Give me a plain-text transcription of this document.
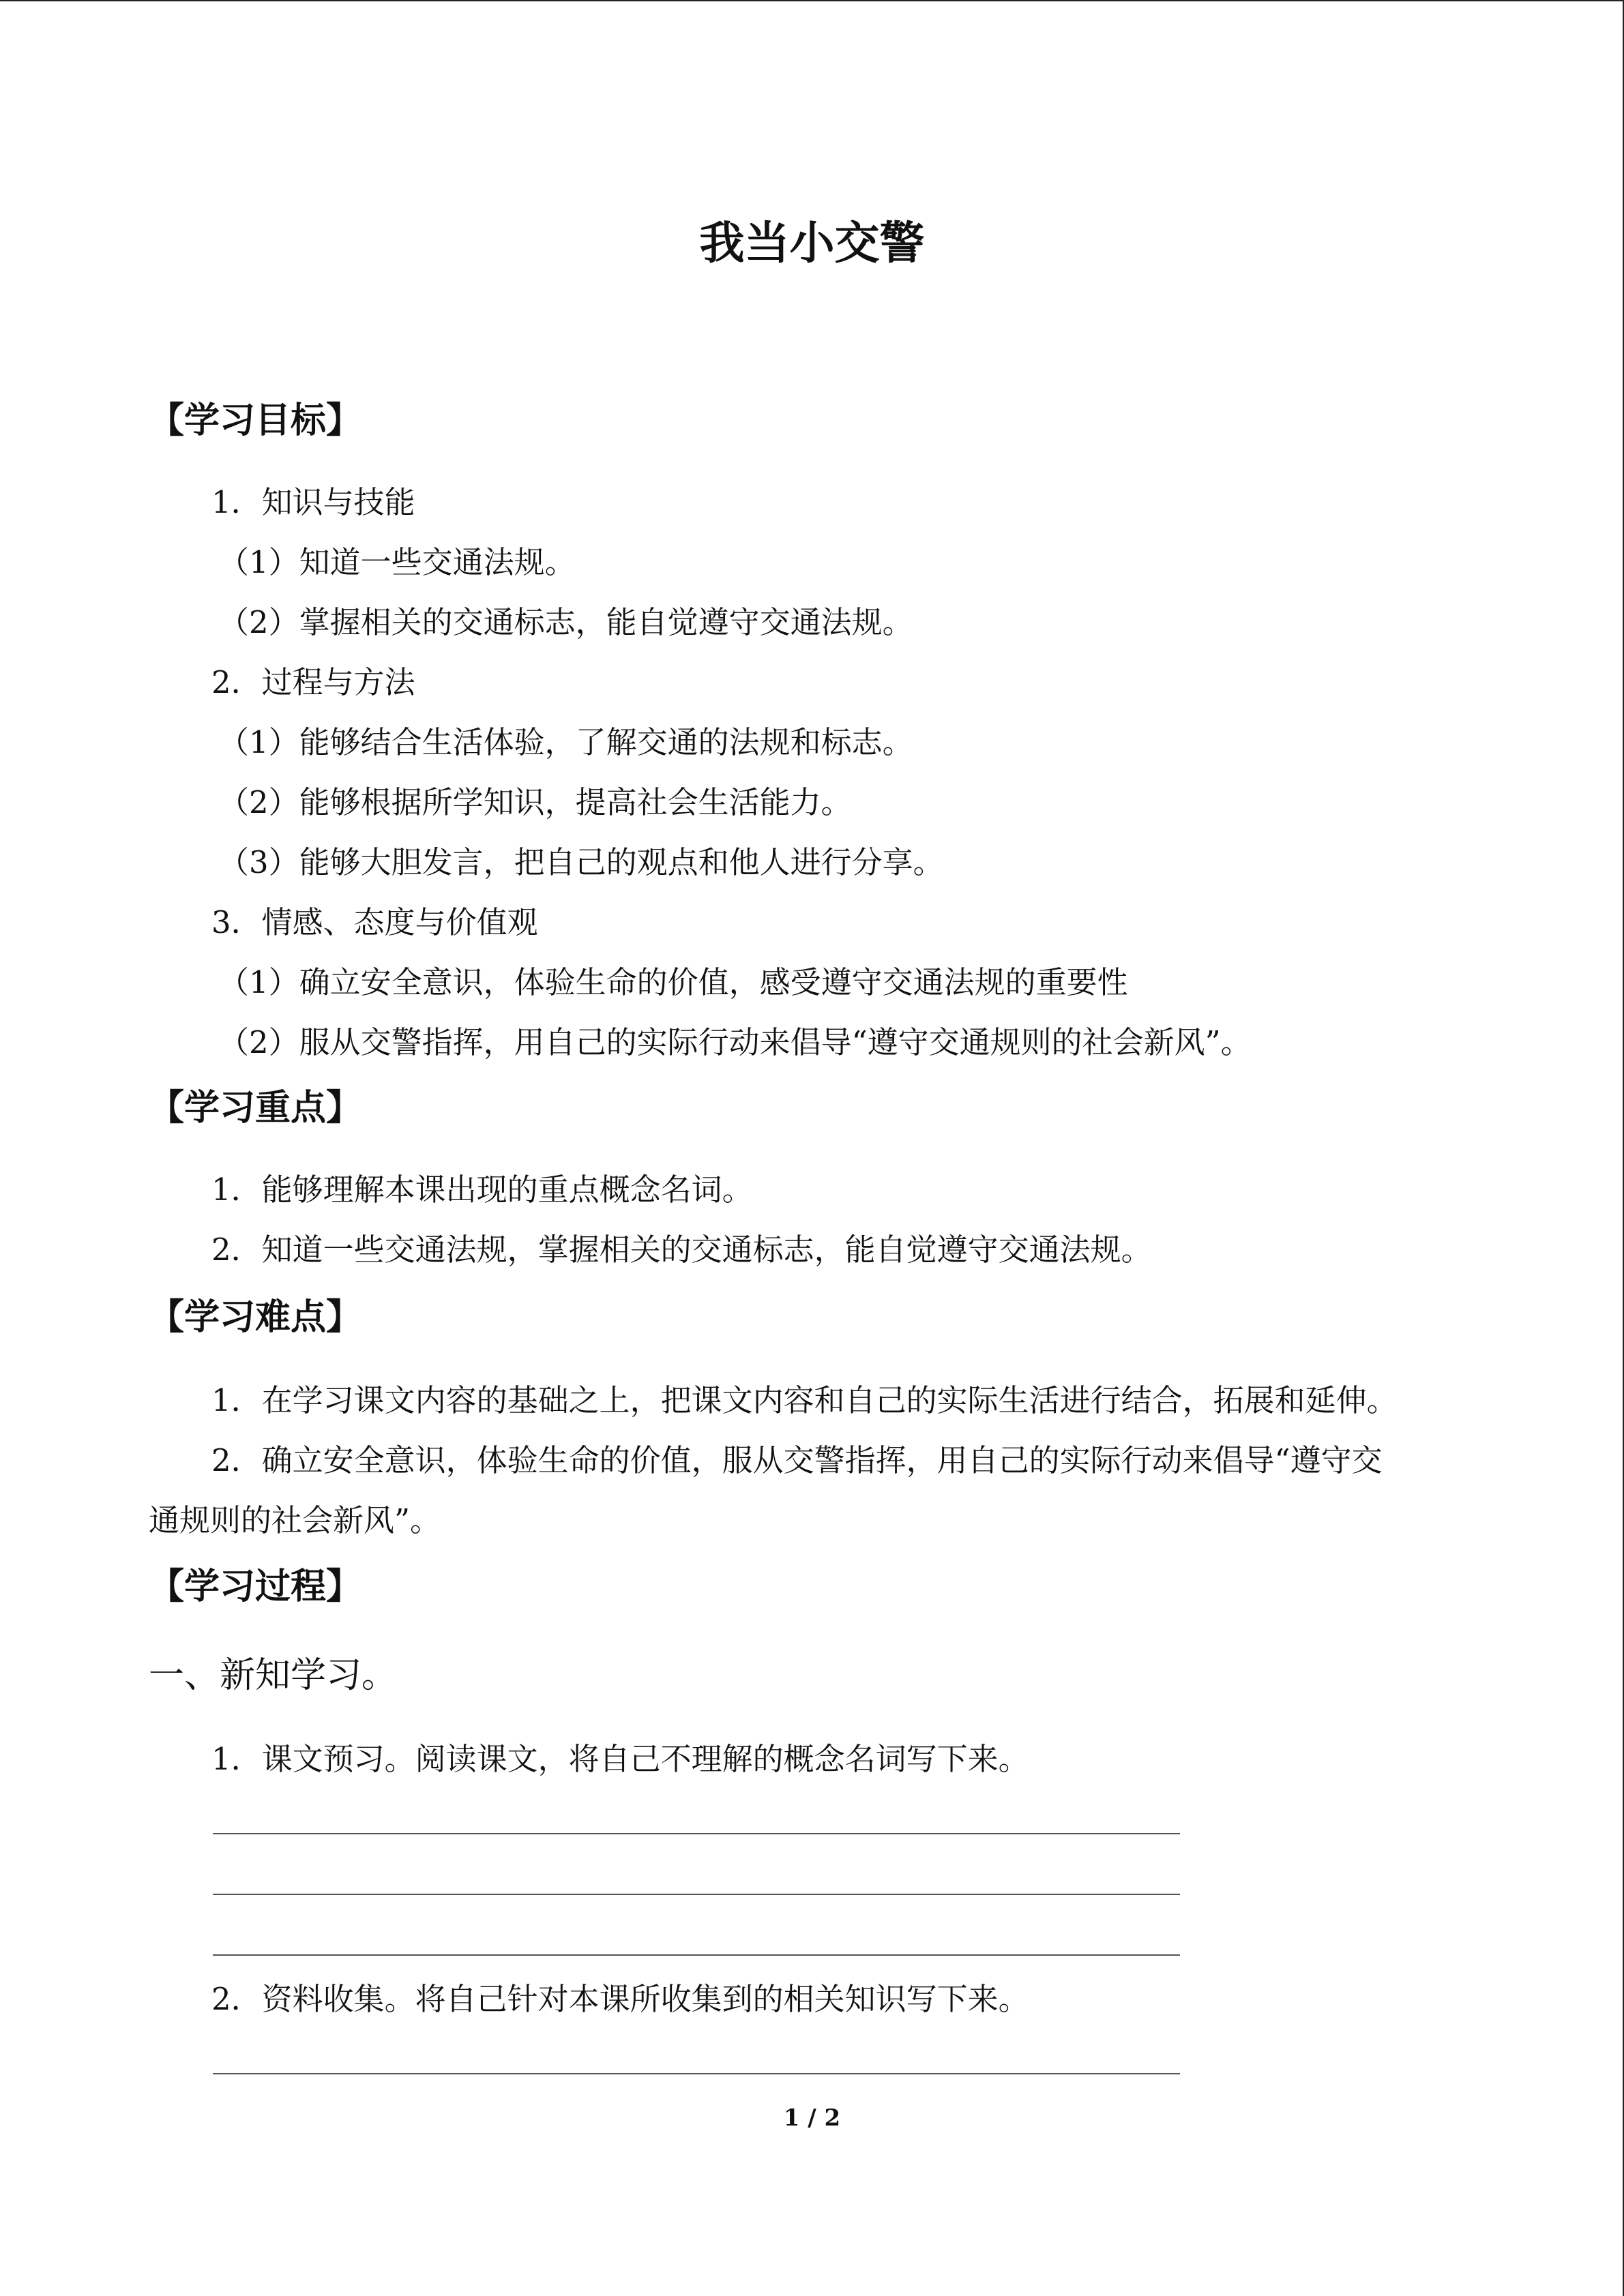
我当小交警
【学习目标】
1．知识与技能
（1）知道一些交通法规。
（2）掌握相关的交通标志，能自觉遵守交通法规。
2．过程与方法
（1）能够结合生活体验，了解交通的法规和标志。
（2）能够根据所学知识，提高社会生活能力。
（3）能够大胆发言，把自己的观点和他人进行分享。
3．情感、态度与价值观
（1）确立安全意识，体验生命的价值，感受遵守交通法规的重要性
（2）服从交警指挥，用自己的实际行动来倡导“遵守交通规则的社会新风”。
【学习重点】
1．能够理解本课出现的重点概念名词。
2．知道一些交通法规，掌握相关的交通标志，能自觉遵守交通法规。
【学习难点】
1．在学习课文内容的基础之上，把课文内容和自己的实际生活进行结合，拓展和延伸。
2．确立安全意识，体验生命的价值，服从交警指挥，用自己的实际行动来倡导“遵守交
通规则的社会新风”。
【学习过程】
一、新知学习。
1．课文预习。阅读课文，将自己不理解的概念名词写下来。
2．资料收集。将自己针对本课所收集到的相关知识写下来。
1 / 2
